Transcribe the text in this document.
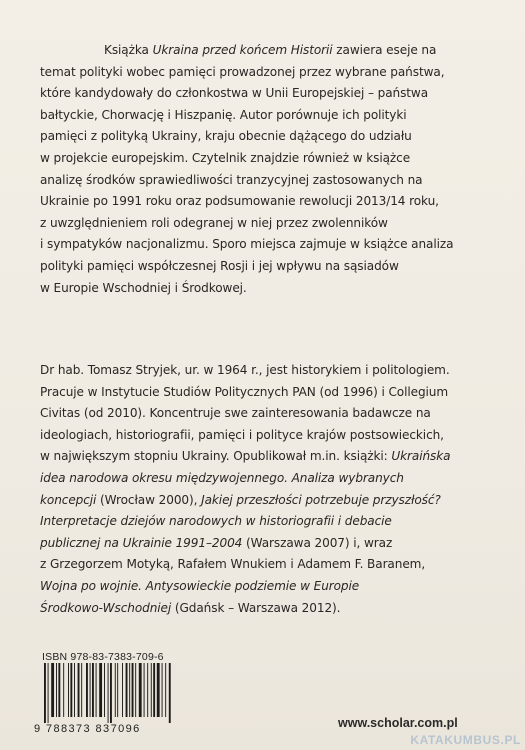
Książka Ukraina przed końcem Historii zawiera eseje na
temat polityki wobec pamięci prowadzonej przez wybrane państwa,
które kandydowały do członkostwa w Unii Europejskiej – państwa
bałtyckie, Chorwację i Hiszpanię. Autor porównuje ich polityki
pamięci z polityką Ukrainy, kraju obecnie dążącego do udziału
w projekcie europejskim. Czytelnik znajdzie również w książce
analizę środków sprawiedliwości tranzycyjnej zastosowanych na
Ukrainie po 1991 roku oraz podsumowanie rewolucji 2013/14 roku,
z uwzględnieniem roli odegranej w niej przez zwolenników
i sympatyków nacjonalizmu. Sporo miejsca zajmuje w książce analiza
polityki pamięci współczesnej Rosji i jej wpływu na sąsiadów
w Europie Wschodniej i Środkowej.
Dr hab. Tomasz Stryjek, ur. w 1964 r., jest historykiem i politologiem.
Pracuje w Instytucie Studiów Politycznych PAN (od 1996) i Collegium
Civitas (od 2010). Koncentruje swe zainteresowania badawcze na
ideologiach, historiografii, pamięci i polityce krajów postsowieckich,
w największym stopniu Ukrainy. Opublikował m.in. książki: Ukraińska
idea narodowa okresu międzywojennego. Analiza wybranych
koncepcji (Wrocław 2000), Jakiej przeszłości potrzebuje przyszłość?
Interpretacje dziejów narodowych w historiografii i debacie
publicznej na Ukrainie 1991–2004 (Warszawa 2007) i, wraz
z Grzegorzem Motyką, Rafałem Wnukiem i Adamem F. Baranem,
Wojna po wojnie. Antysowieckie podziemie w Europie
Środkowo-Wschodniej (Gdańsk – Warszawa 2012).
ISBN 978-83-7383-709-6
9 788373 837096	www.scholar.com.pl
KATAKUMBUS.PL
